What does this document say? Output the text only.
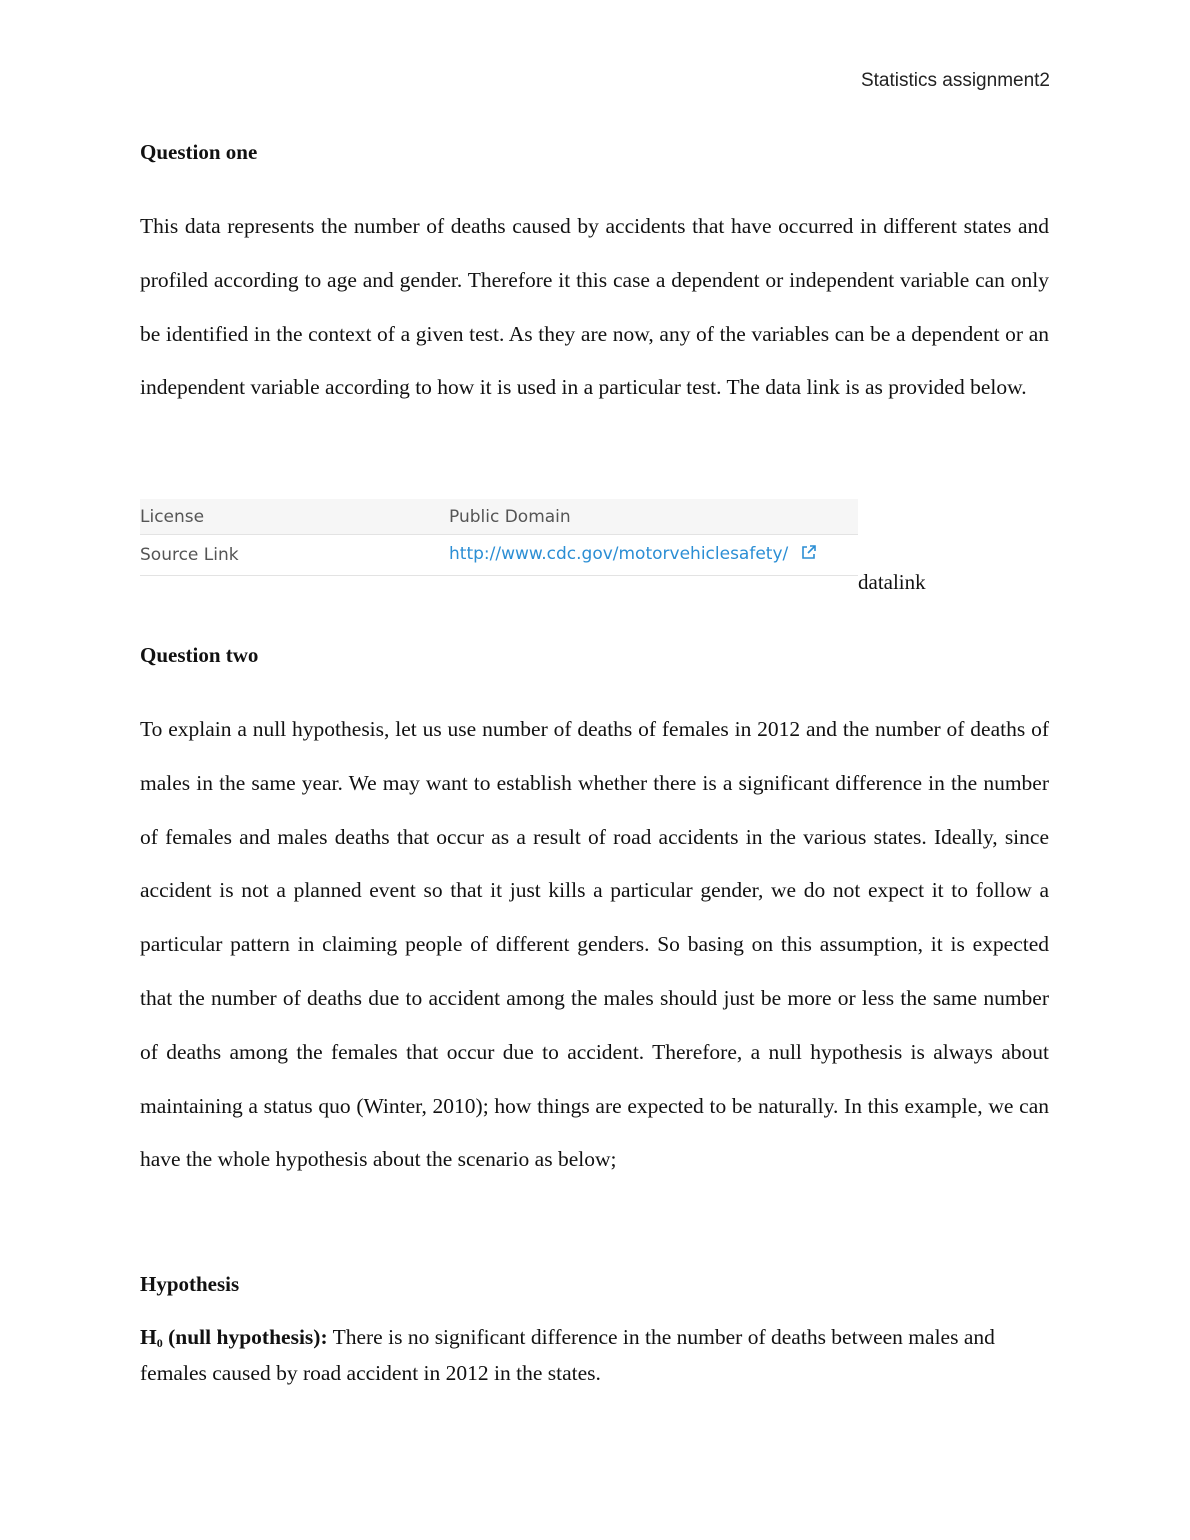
Statistics assignment2
Question one

This data represents the number of deaths caused by accidents that have occurred in different states and profiled according to age and gender. Therefore it this case a dependent or independent variable can only be identified in the context of a given test. As they are now, any of the variables can be a dependent or an independent variable according to how it is used in a particular test. The data link is as provided below.

License	Public Domain
Source Link	http://www.cdc.gov/motorvehiclesafety/
datalink
Question two

To explain a null hypothesis, let us use number of deaths of females in 2012 and the number of deaths of males in the same year. We may want to establish whether there is a significant difference in the number of females and males deaths that occur as a result of road accidents in the various states. Ideally, since accident is not a planned event so that it just kills a particular gender, we do not expect it to follow a particular pattern in claiming people of different genders. So basing on this assumption, it is expected that the number of deaths due to accident among the males should just be more or less the same number of deaths among the females that occur due to accident. Therefore, a null hypothesis is always about maintaining a status quo (Winter, 2010); how things are expected to be naturally. In this example, we can have the whole hypothesis about the scenario as below;

Hypothesis

$H_0$ (null hypothesis): There is no significant difference in the number of deaths between males and females caused by road accident in 2012 in the states.
